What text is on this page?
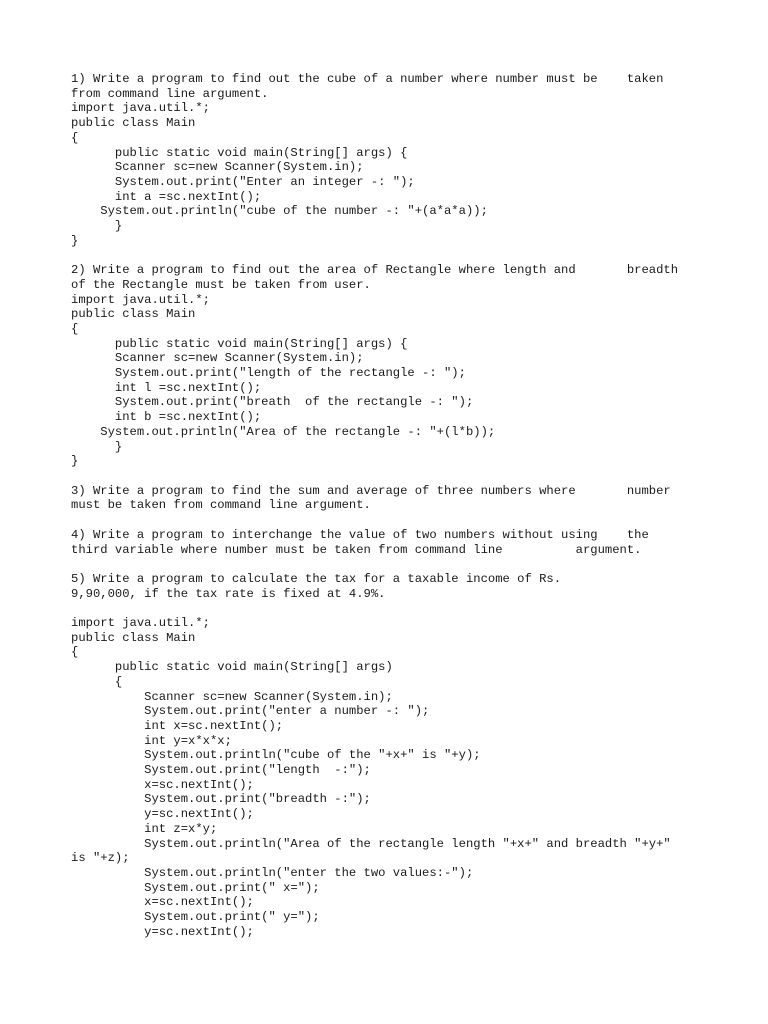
1) Write a program to find out the cube of a number where number must be    taken
from command line argument.
import java.util.*;
public class Main
{
public static void main(String[] args) {
Scanner sc=new Scanner(System.in);
System.out.print("Enter an integer -: ");
int a =sc.nextInt();
System.out.println("cube of the number -: "+(a*a*a));
}
}

2) Write a program to find out the area of Rectangle where length and       breadth
of the Rectangle must be taken from user.
import java.util.*;
public class Main
{
public static void main(String[] args) {
Scanner sc=new Scanner(System.in);
System.out.print("length of the rectangle -: ");
int l =sc.nextInt();
System.out.print("breath  of the rectangle -: ");
int b =sc.nextInt();
System.out.println("Area of the rectangle -: "+(l*b));
}
}

3) Write a program to find the sum and average of three numbers where       number
must be taken from command line argument.

4) Write a program to interchange the value of two numbers without using    the
third variable where number must be taken from command line          argument.

5) Write a program to calculate the tax for a taxable income of Rs.
9,90,000, if the tax rate is fixed at 4.9%.

import java.util.*;
public class Main
{
public static void main(String[] args)
{
Scanner sc=new Scanner(System.in);
System.out.print("enter a number -: ");
int x=sc.nextInt();
int y=x*x*x;
System.out.println("cube of the "+x+" is "+y);
System.out.print("length  -:");
x=sc.nextInt();
System.out.print("breadth -:");
y=sc.nextInt();
int z=x*y;
System.out.println("Area of the rectangle length "+x+" and breadth "+y+"
is "+z);
System.out.println("enter the two values:-");
System.out.print(" x=");
x=sc.nextInt();
System.out.print(" y=");
y=sc.nextInt();
